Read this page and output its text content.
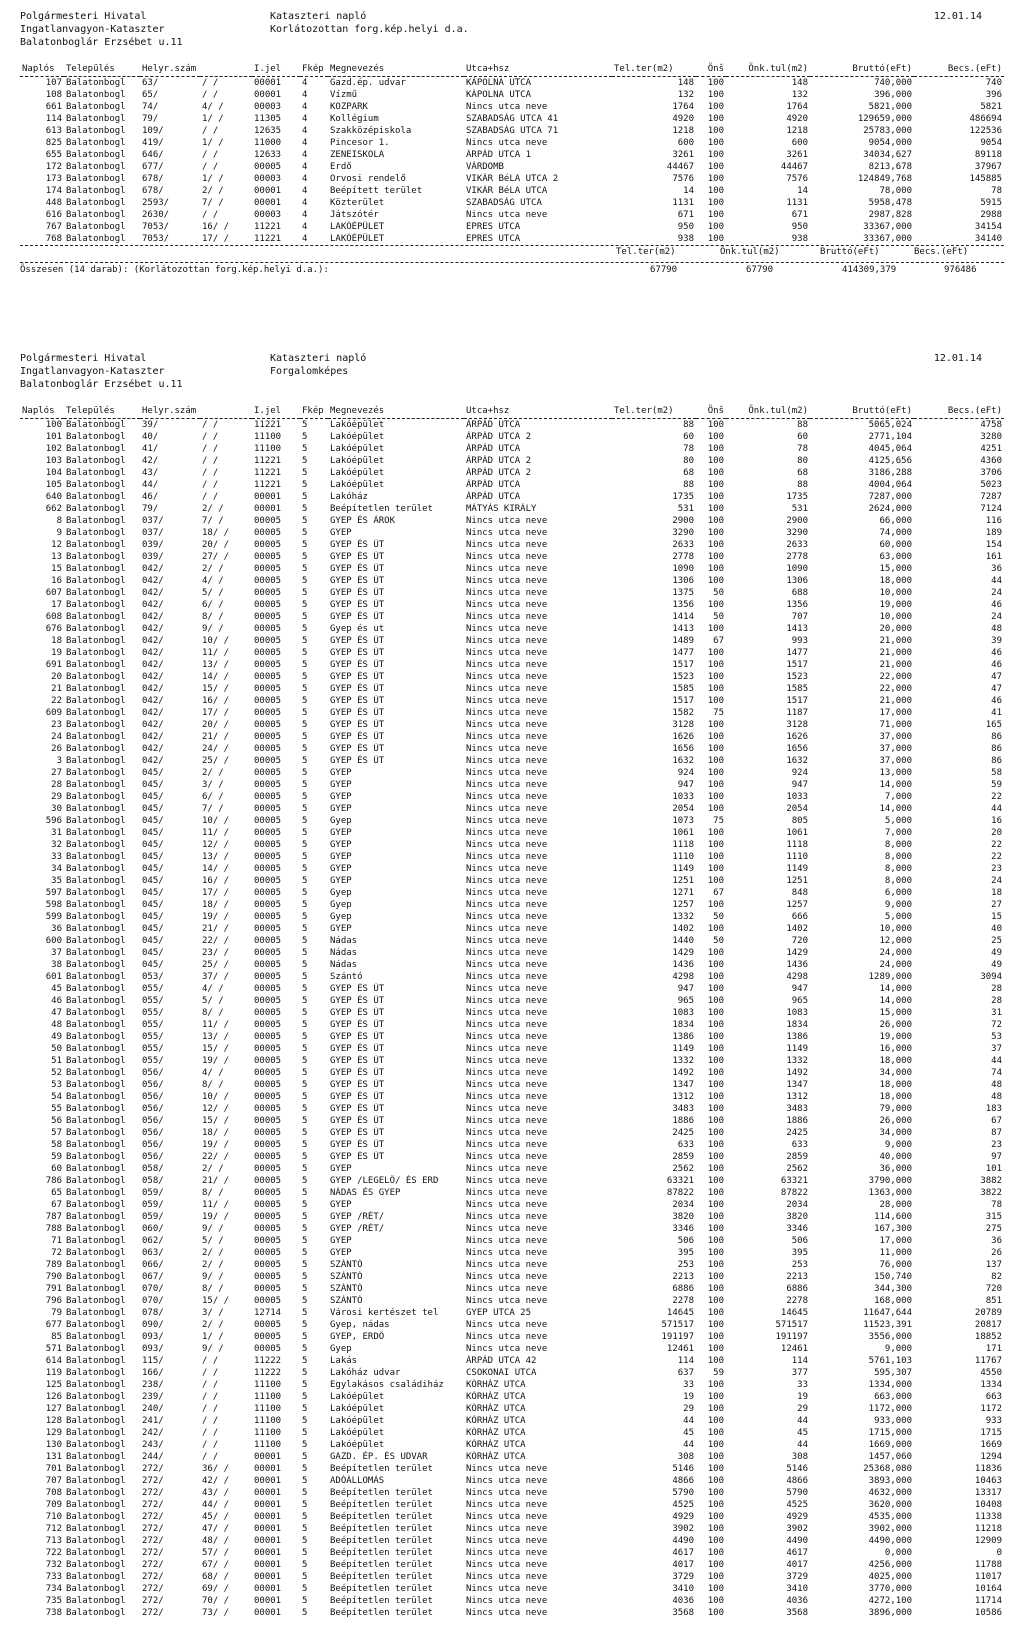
Polgármesteri Hivatal
Ingatlanvagyon-Kataszter
Balatonboglár Erzsébet u.11
Kataszteri napló
Korlátozottan forg.kép.helyi d.a.
12.01.14
Naplós	Település	Helyr.szám		I.jel	Fkép	Megnevezés	Utca+hsz	Tel.ter(m2)	Önš	Önk.tul(m2)	Bruttó(eFt)	Becs.(eFt)
107	Balatonbogl	63/	/ /	00001	4	Gazd.ép. udvar	KÁPOLNA UTCA	148	100	148	740,000	740
108	Balatonbogl	65/	/ /	00001	4	Vízmű	KÁPOLNA UTCA	132	100	132	396,000	396
661	Balatonbogl	74/	4/ /	00003	4	KOZPARK	Nincs utca neve	1764	100	1764	5821,000	5821
114	Balatonbogl	79/	1/ /	11305	4	Kollégium	SZABADSÁG UTCA 41	4920	100	4920	129659,000	486694
613	Balatonbogl	109/	/ /	12635	4	Szakközépiskola	SZABADSÁG UTCA 71	1218	100	1218	25783,000	122536
825	Balatonbogl	419/	1/ /	11000	4	Pincesor 1.	Nincs utca neve	600	100	600	9054,000	9054
655	Balatonbogl	646/	/ /	12633	4	ZENEISKOLA	ÁRPÁD UTCA 1	3261	100	3261	34034,627	89118
172	Balatonbogl	677/	/ /	00005	4	Erdő	VÁRDOMB	44467	100	44467	8213,678	37967
173	Balatonbogl	678/	1/ /	00003	4	Orvosi rendelő	VIKÁR BéLA UTCA 2	7576	100	7576	124849,768	145885
174	Balatonbogl	678/	2/ /	00001	4	Beépített terület	VIKÁR BéLA UTCA	14	100	14	78,000	78
448	Balatonbogl	2593/	7/ /	00001	4	Közterület	SZABADSÁG UTCA	1131	100	1131	5958,478	5915
616	Balatonbogl	2630/	/ /	00003	4	Játszótér	Nincs utca neve	671	100	671	2987,828	2988
767	Balatonbogl	7053/	16/ /	11221	4	LAKÓÉPÜLET	EPRES UTCA	950	100	950	33367,000	34154
768	Balatonbogl	7053/	17/ /	11221	4	LAKÓÉPÜLET	EPRES UTCA	938	100	938	33367,000	34140
Tel.ter(m2)	Önk.tul(m2)	Bruttó(eFt)	Becs.(eFt)
Összesen (14 darab): (Korlátozottan forg.kép.helyi d.a.):	67790	67790	414309,379	976486
Polgármesteri Hivatal
Ingatlanvagyon-Kataszter
Balatonboglár Erzsébet u.11
Kataszteri napló
Forgalomképes
12.01.14
Naplós	Település	Helyr.szám		I.jel	Fkép	Megnevezés	Utca+hsz	Tel.ter(m2)	Önš	Önk.tul(m2)	Bruttó(eFt)	Becs.(eFt)
100	Balatonbogl	39/	/ /	11221	5	Lakóépület	ÁRPÁD UTCA	88	100	88	5065,024	4758
101	Balatonbogl	40/	/ /	11100	5	Lakóépület	ÁRPÁD UTCA 2	60	100	60	2771,104	3280
102	Balatonbogl	41/	/ /	11100	5	Lakóépület	ÁRPÁD UTCA	78	100	78	4045,064	4251
103	Balatonbogl	42/	/ /	11221	5	Lakóépület	ÁRPÁD UTCA 2	80	100	80	4125,656	4360
104	Balatonbogl	43/	/ /	11221	5	Lakóépület	ÁRPÁD UTCA 2	68	100	68	3186,288	3706
105	Balatonbogl	44/	/ /	11221	5	Lakóépület	ÁRPÁD UTCA	88	100	88	4004,064	5023
640	Balatonbogl	46/	/ /	00001	5	Lakóház	ÁRPÁD UTCA	1735	100	1735	7287,000	7287
662	Balatonbogl	79/	2/ /	00001	5	Beépítetlen terület	MÁTYÁS KIRÁLY	531	100	531	2624,000	7124
8	Balatonbogl	037/	7/ /	00005	5	GYEP ÉS ÁROK	Nincs utca neve	2900	100	2900	66,000	116
9	Balatonbogl	037/	18/ /	00005	5	GYEP	Nincs utca neve	3290	100	3290	74,000	189
12	Balatonbogl	039/	20/ /	00005	5	GYEP ÉS ÚT	Nincs utca neve	2633	100	2633	60,000	154
13	Balatonbogl	039/	27/ /	00005	5	GYEP ÉS ÚT	Nincs utca neve	2778	100	2778	63,000	161
15	Balatonbogl	042/	2/ /	00005	5	GYEP ÉS ÚT	Nincs utca neve	1090	100	1090	15,000	36
16	Balatonbogl	042/	4/ /	00005	5	GYEP ÉS ÚT	Nincs utca neve	1306	100	1306	18,000	44
607	Balatonbogl	042/	5/ /	00005	5	GYEP ÉS ÚT	Nincs utca neve	1375	50	688	10,000	24
17	Balatonbogl	042/	6/ /	00005	5	GYEP ÉS ÚT	Nincs utca neve	1356	100	1356	19,000	46
608	Balatonbogl	042/	8/ /	00005	5	GYEP ÉS ÚT	Nincs utca neve	1414	50	707	10,000	24
676	Balatonbogl	042/	9/ /	00005	5	Gyep és ut	Nincs utca neve	1413	100	1413	20,000	48
18	Balatonbogl	042/	10/ /	00005	5	GYEP ÉS ÚT	Nincs utca neve	1489	67	993	21,000	39
19	Balatonbogl	042/	11/ /	00005	5	GYEP ÉS ÚT	Nincs utca neve	1477	100	1477	21,000	46
691	Balatonbogl	042/	13/ /	00005	5	GYEP ÉS ÚT	Nincs utca neve	1517	100	1517	21,000	46
20	Balatonbogl	042/	14/ /	00005	5	GYEP ÉS ÚT	Nincs utca neve	1523	100	1523	22,000	47
21	Balatonbogl	042/	15/ /	00005	5	GYEP ÉS ÚT	Nincs utca neve	1585	100	1585	22,000	47
22	Balatonbogl	042/	16/ /	00005	5	GYEP ÉS ÚT	Nincs utca neve	1517	100	1517	21,000	46
609	Balatonbogl	042/	17/ /	00005	5	GYEP ÉS ÚT	Nincs utca neve	1582	75	1187	17,000	41
23	Balatonbogl	042/	20/ /	00005	5	GYEP ÉS ÚT	Nincs utca neve	3128	100	3128	71,000	165
24	Balatonbogl	042/	21/ /	00005	5	GYEP ÉS ÚT	Nincs utca neve	1626	100	1626	37,000	86
26	Balatonbogl	042/	24/ /	00005	5	GYEP ÉS ÚT	Nincs utca neve	1656	100	1656	37,000	86
3	Balatonbogl	042/	25/ /	00005	5	GYEP ÉS ÚT	Nincs utca neve	1632	100	1632	37,000	86
27	Balatonbogl	045/	2/ /	00005	5	GYEP	Nincs utca neve	924	100	924	13,000	58
28	Balatonbogl	045/	3/ /	00005	5	GYEP	Nincs utca neve	947	100	947	14,000	59
29	Balatonbogl	045/	6/ /	00005	5	GYEP	Nincs utca neve	1033	100	1033	7,000	22
30	Balatonbogl	045/	7/ /	00005	5	GYEP	Nincs utca neve	2054	100	2054	14,000	44
596	Balatonbogl	045/	10/ /	00005	5	Gyep	Nincs utca neve	1073	75	805	5,000	16
31	Balatonbogl	045/	11/ /	00005	5	GYEP	Nincs utca neve	1061	100	1061	7,000	20
32	Balatonbogl	045/	12/ /	00005	5	GYEP	Nincs utca neve	1118	100	1118	8,000	22
33	Balatonbogl	045/	13/ /	00005	5	GYEP	Nincs utca neve	1110	100	1110	8,000	22
34	Balatonbogl	045/	14/ /	00005	5	GYEP	Nincs utca neve	1149	100	1149	8,000	23
35	Balatonbogl	045/	16/ /	00005	5	GYEP	Nincs utca neve	1251	100	1251	8,000	24
597	Balatonbogl	045/	17/ /	00005	5	Gyep	Nincs utca neve	1271	67	848	6,000	18
598	Balatonbogl	045/	18/ /	00005	5	Gyep	Nincs utca neve	1257	100	1257	9,000	27
599	Balatonbogl	045/	19/ /	00005	5	Gyep	Nincs utca neve	1332	50	666	5,000	15
36	Balatonbogl	045/	21/ /	00005	5	GYEP	Nincs utca neve	1402	100	1402	10,000	40
600	Balatonbogl	045/	22/ /	00005	5	Nádas	Nincs utca neve	1440	50	720	12,000	25
37	Balatonbogl	045/	23/ /	00005	5	Nádas	Nincs utca neve	1429	100	1429	24,000	49
38	Balatonbogl	045/	25/ /	00005	5	Nádas	Nincs utca neve	1436	100	1436	24,000	49
601	Balatonbogl	053/	37/ /	00005	5	Szántó	Nincs utca neve	4298	100	4298	1289,000	3094
45	Balatonbogl	055/	4/ /	00005	5	GYEP ÉS ÚT	Nincs utca neve	947	100	947	14,000	28
46	Balatonbogl	055/	5/ /	00005	5	GYEP ÉS ÚT	Nincs utca neve	965	100	965	14,000	28
47	Balatonbogl	055/	8/ /	00005	5	GYEP ÉS ÚT	Nincs utca neve	1083	100	1083	15,000	31
48	Balatonbogl	055/	11/ /	00005	5	GYEP ÉS ÚT	Nincs utca neve	1834	100	1834	26,000	72
49	Balatonbogl	055/	13/ /	00005	5	GYEP ÉS ÚT	Nincs utca neve	1386	100	1386	19,000	53
50	Balatonbogl	055/	15/ /	00005	5	GYEP ÉS ÚT	Nincs utca neve	1149	100	1149	16,000	37
51	Balatonbogl	055/	19/ /	00005	5	GYEP ÉS ÚT	Nincs utca neve	1332	100	1332	18,000	44
52	Balatonbogl	056/	4/ /	00005	5	GYEP ÉS ÚT	Nincs utca neve	1492	100	1492	34,000	74
53	Balatonbogl	056/	8/ /	00005	5	GYEP ÉS ÚT	Nincs utca neve	1347	100	1347	18,000	48
54	Balatonbogl	056/	10/ /	00005	5	GYEP ÉS ÚT	Nincs utca neve	1312	100	1312	18,000	48
55	Balatonbogl	056/	12/ /	00005	5	GYEP ÉS ÚT	Nincs utca neve	3483	100	3483	79,000	183
56	Balatonbogl	056/	15/ /	00005	5	GYEP ÉS ÚT	Nincs utca neve	1886	100	1886	26,000	67
57	Balatonbogl	056/	18/ /	00005	5	GYEP ÉS ÚT	Nincs utca neve	2425	100	2425	34,000	87
58	Balatonbogl	056/	19/ /	00005	5	GYEP ÉS ÚT	Nincs utca neve	633	100	633	9,000	23
59	Balatonbogl	056/	22/ /	00005	5	GYEP ÉS ÚT	Nincs utca neve	2859	100	2859	40,000	97
60	Balatonbogl	058/	2/ /	00005	5	GYEP	Nincs utca neve	2562	100	2562	36,000	101
786	Balatonbogl	058/	21/ /	00005	5	GYEP /LEGELŐ/ ÉS ERD	Nincs utca neve	63321	100	63321	3790,000	3882
65	Balatonbogl	059/	8/ /	00005	5	NÁDAS ÉS GYEP	Nincs utca neve	87822	100	87822	1363,000	3822
67	Balatonbogl	059/	11/ /	00005	5	GYEP	Nincs utca neve	2034	100	2034	28,000	78
787	Balatonbogl	059/	19/ /	00005	5	GYEP /RÉT/	Nincs utca neve	3820	100	3820	114,600	315
788	Balatonbogl	060/	9/ /	00005	5	GYEP /RÉT/	Nincs utca neve	3346	100	3346	167,300	275
71	Balatonbogl	062/	5/ /	00005	5	GYEP	Nincs utca neve	506	100	506	17,000	36
72	Balatonbogl	063/	2/ /	00005	5	GYEP	Nincs utca neve	395	100	395	11,000	26
789	Balatonbogl	066/	2/ /	00005	5	SZÁNTÓ	Nincs utca neve	253	100	253	76,000	137
790	Balatonbogl	067/	9/ /	00005	5	SZÁNTÓ	Nincs utca neve	2213	100	2213	150,740	82
791	Balatonbogl	070/	8/ /	00005	5	SZÁNTÓ	Nincs utca neve	6886	100	6886	344,300	720
796	Balatonbogl	070/	15/ /	00005	5	SZÁNTÓ	Nincs utca neve	2278	100	2278	168,000	851
79	Balatonbogl	078/	3/ /	12714	5	Városi kertészet tel	GYEP UTCA 25	14645	100	14645	11647,644	20789
677	Balatonbogl	090/	2/ /	00005	5	Gyep, nádas	Nincs utca neve	571517	100	571517	11523,391	20817
85	Balatonbogl	093/	1/ /	00005	5	GYEP, ERDŐ	Nincs utca neve	191197	100	191197	3556,000	18852
571	Balatonbogl	093/	9/ /	00005	5	Gyep	Nincs utca neve	12461	100	12461	9,000	171
614	Balatonbogl	115/	/ /	11222	5	Lakás	ÁRPÁD UTCA 42	114	100	114	5761,103	11767
119	Balatonbogl	166/	/ /	11222	5	Lakóház udvar	CSOKONAI UTCA	637	59	377	595,307	4550
125	Balatonbogl	238/	/ /	11100	5	Egylakásos családiház	KÓRHÁZ UTCA	33	100	33	1334,000	1334
126	Balatonbogl	239/	/ /	11100	5	Lakóépület	KÓRHÁZ UTCA	19	100	19	663,000	663
127	Balatonbogl	240/	/ /	11100	5	Lakóépület	KÓRHÁZ UTCA	29	100	29	1172,000	1172
128	Balatonbogl	241/	/ /	11100	5	Lakóépület	KÓRHÁZ UTCA	44	100	44	933,000	933
129	Balatonbogl	242/	/ /	11100	5	Lakóépület	KÓRHÁZ UTCA	45	100	45	1715,000	1715
130	Balatonbogl	243/	/ /	11100	5	Lakóépület	KÓRHÁZ UTCA	44	100	44	1669,000	1669
131	Balatonbogl	244/	/ /	00001	5	GAZD. ÉP. ÉS UDVAR	KÓRHÁZ UTCA	308	100	308	1457,060	1294
701	Balatonbogl	272/	36/ /	00001	5	Beépítetlen terület	Nincs utca neve	5146	100	5146	25368,080	11836
707	Balatonbogl	272/	42/ /	00001	5	ADÓÁLLOMÁS	Nincs utca neve	4866	100	4866	3893,000	10463
708	Balatonbogl	272/	43/ /	00001	5	Beépítetlen terület	Nincs utca neve	5790	100	5790	4632,000	13317
709	Balatonbogl	272/	44/ /	00001	5	Beépítetlen terület	Nincs utca neve	4525	100	4525	3620,000	10408
710	Balatonbogl	272/	45/ /	00001	5	Beépítetlen terület	Nincs utca neve	4929	100	4929	4535,000	11338
712	Balatonbogl	272/	47/ /	00001	5	Beépítetlen terület	Nincs utca neve	3902	100	3902	3902,000	11218
713	Balatonbogl	272/	48/ /	00001	5	Beépítetlen terület	Nincs utca neve	4490	100	4490	4490,000	12909
722	Balatonbogl	272/	57/ /	00001	5	Beépítetlen terület	Nincs utca neve	4617	100	4617	0,000	0
732	Balatonbogl	272/	67/ /	00001	5	Beépítetlen terület	Nincs utca neve	4017	100	4017	4256,000	11788
733	Balatonbogl	272/	68/ /	00001	5	Beépítetlen terület	Nincs utca neve	3729	100	3729	4025,000	11017
734	Balatonbogl	272/	69/ /	00001	5	Beépítetlen terület	Nincs utca neve	3410	100	3410	3770,000	10164
735	Balatonbogl	272/	70/ /	00001	5	Beépítetlen terület	Nincs utca neve	4036	100	4036	4272,100	11714
738	Balatonbogl	272/	73/ /	00001	5	Beépítetlen terület	Nincs utca neve	3568	100	3568	3896,000	10586
